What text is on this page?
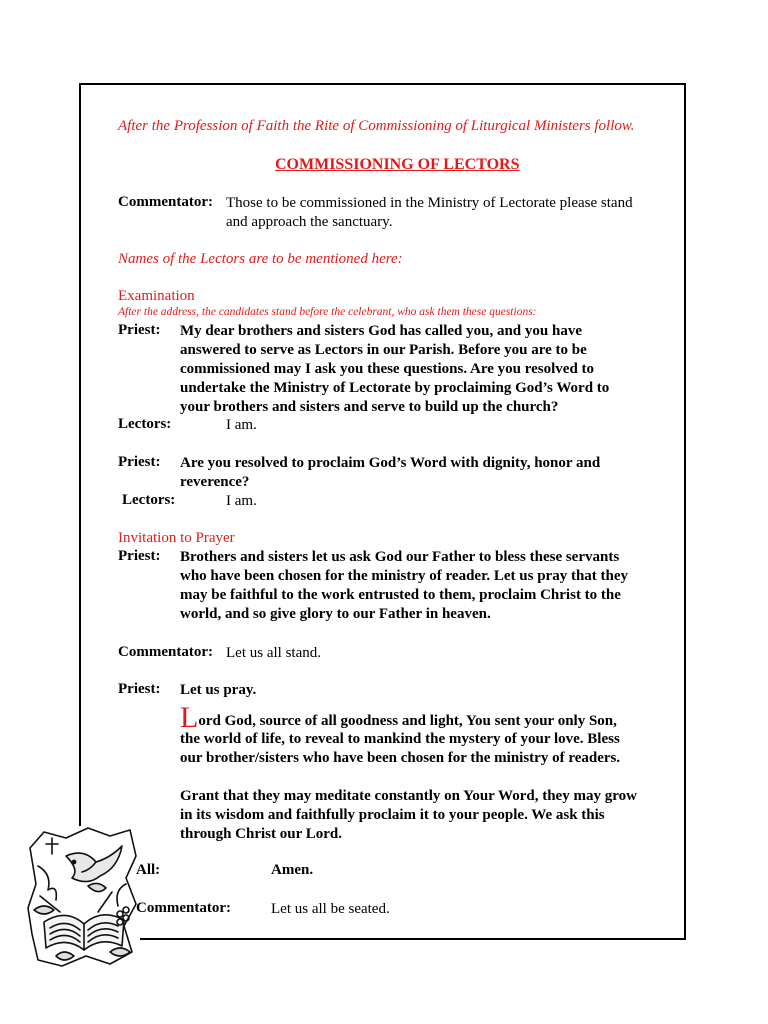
After the Profession of Faith the Rite of Commissioning of Liturgical Ministers follow.
COMMISSIONING OF LECTORS
Commentator: Those to be commissioned in the Ministry of Lectorate please stand
and approach the sanctuary.
Names of the Lectors are to be mentioned here:
Examination
After the address, the candidates stand before the celebrant, who ask them these questions:
Priest: My dear brothers and sisters God has called you, and you have
answered to serve as Lectors in our Parish. Before you are to be
commissioned may I ask you these questions. Are you resolved to
undertake the Ministry of Lectorate by proclaiming God’s Word to
your brothers and sisters and serve to build up the church?
Lectors:	I am.
Priest: Are you resolved to proclaim God’s Word with dignity, honor and
reverence?
Lectors:	I am.
Invitation to Prayer
Priest: Brothers and sisters let us ask God our Father to bless these servants
who have been chosen for the ministry of reader. Let us pray that they
may be faithful to the work entrusted to them, proclaim Christ to the
world, and so give glory to our Father in heaven.
Commentator: Let us all stand.
Priest: Let us pray.
Lord God, source of all goodness and light, You sent your only Son,
the world of life, to reveal to mankind the mystery of your love. Bless
our brother/sisters who have been chosen for the ministry of readers.
Grant that they may meditate constantly on Your Word, they may grow
in its wisdom and faithfully proclaim it to your people. We ask this
through Christ our Lord.
All:	Amen.
Commentator:	Let us all be seated.
